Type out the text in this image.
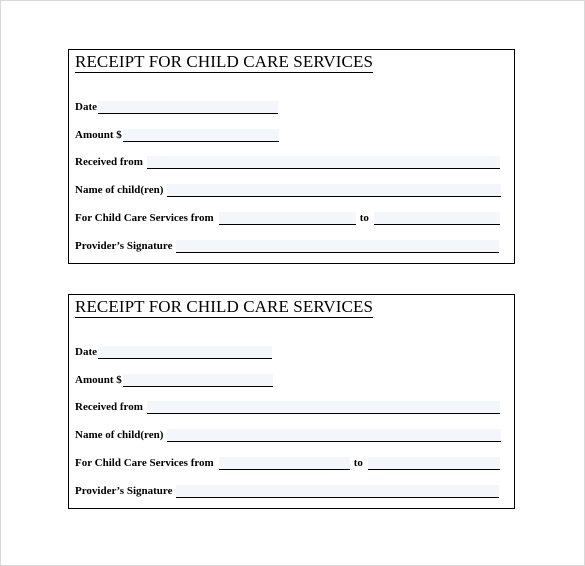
RECEIPT FOR CHILD CARE SERVICES
Date
Amount $
Received from
Name of child(ren)
For Child Care Services from	to
Provider’s Signature
RECEIPT FOR CHILD CARE SERVICES
Date
Amount $
Received from
Name of child(ren)
For Child Care Services from	to
Provider’s Signature
